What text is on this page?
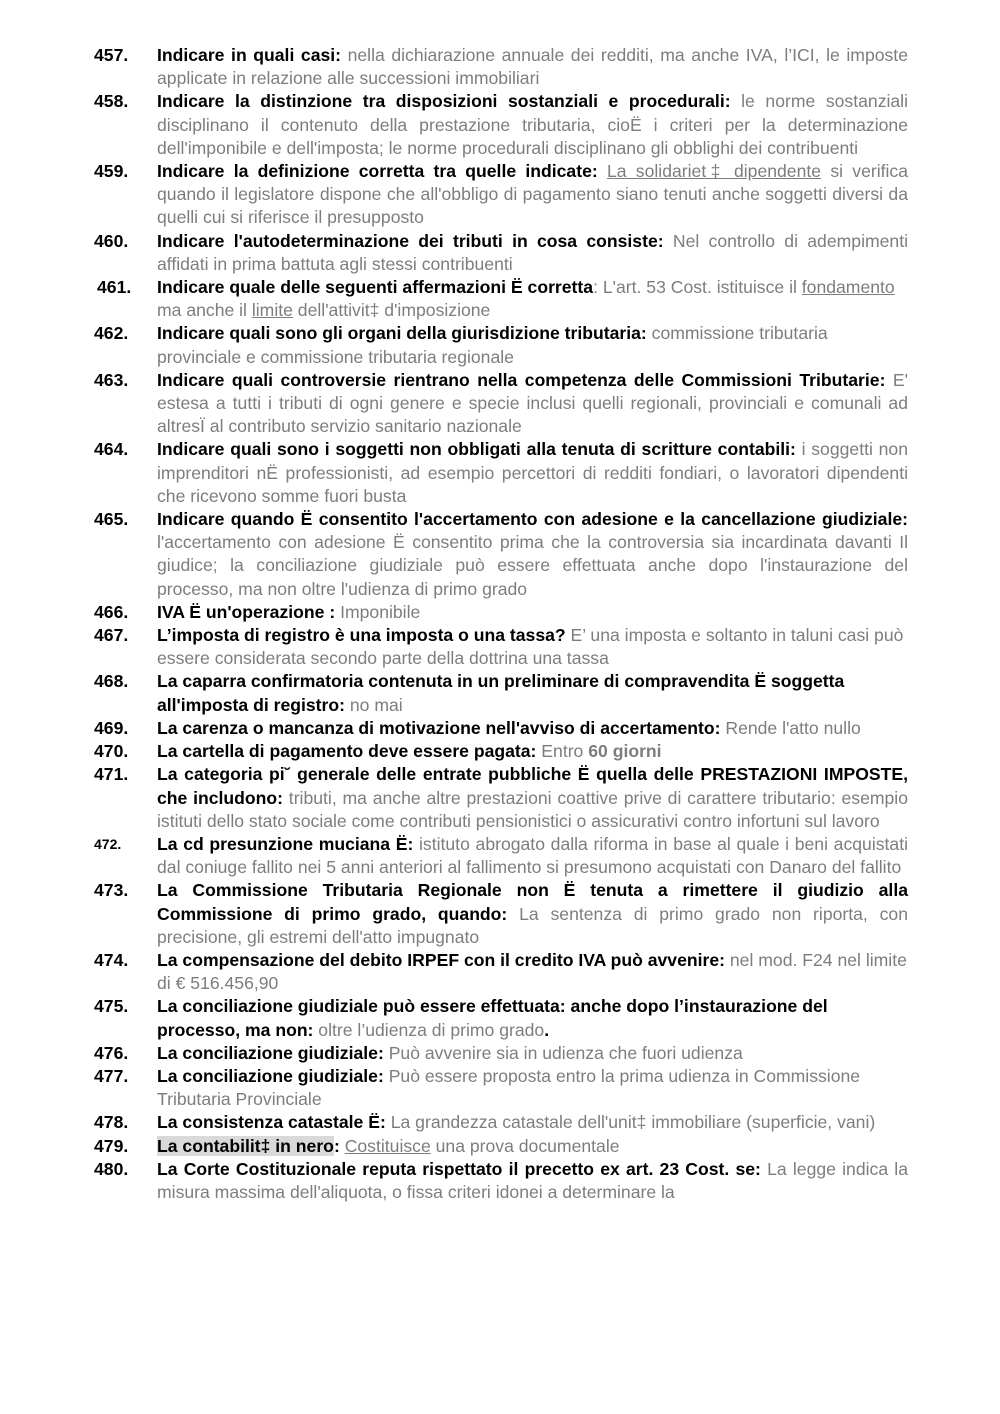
457. Indicare in quali casi: nella dichiarazione annuale dei redditi, ma anche IVA, l’ICI, le imposte applicate in relazione alle successioni immobiliari
458. Indicare la distinzione tra disposizioni sostanziali e procedurali: le norme sostanziali disciplinano il contenuto della prestazione tributaria, cioË i criteri per la determinazione dell'imponibile e dell'imposta; le norme procedurali disciplinano gli obblighi dei contribuenti
459. Indicare la definizione corretta tra quelle indicate: La solidariet‡ dipendente si verifica quando il legislatore dispone che all'obbligo di pagamento siano tenuti anche soggetti diversi da quelli cui si riferisce il presupposto
460. Indicare l'autodeterminazione dei tributi in cosa consiste: Nel controllo di adempimenti affidati in prima battuta agli stessi contribuenti
461. Indicare quale delle seguenti affermazioni Ë corretta: L'art. 53 Cost. istituisce il fondamento ma anche il limite dell'attivit‡ d'imposizione
462. Indicare quali sono gli organi della giurisdizione tributaria: commissione tributaria provinciale e commissione tributaria regionale
463. Indicare quali controversie rientrano nella competenza delle Commissioni Tributarie: E' estesa a tutti i tributi di ogni genere e specie inclusi quelli regionali, provinciali e comunali ad altresÏ al contributo servizio sanitario nazionale
464. Indicare quali sono i soggetti non obbligati alla tenuta di scritture contabili: i soggetti non imprenditori nË professionisti, ad esempio percettori di redditi fondiari, o lavoratori dipendenti che ricevono somme fuori busta
465. Indicare quando Ë consentito l'accertamento con adesione e la cancellazione giudiziale: l'accertamento con adesione Ë consentito prima che la controversia sia incardinata davanti Il giudice; la conciliazione giudiziale può essere effettuata anche dopo l'instaurazione del processo, ma non oltre l'udienza di primo grado
466. IVA Ë un'operazione : Imponibile
467. L’imposta di registro è una imposta o una tassa? E’ una imposta e soltanto in taluni casi può essere considerata secondo parte della dottrina una tassa
468. La caparra confirmatoria contenuta in un preliminare di compravendita Ë soggetta all'imposta di registro: no mai
469. La carenza o mancanza di motivazione nell'avviso di accertamento: Rende l'atto nullo
470. La cartella di pagamento deve essere pagata: Entro 60 giorni
471. La categoria pi˘ generale delle entrate pubbliche Ë quella delle PRESTAZIONI IMPOSTE, che includono: tributi, ma anche altre prestazioni coattive prive di carattere tributario: esempio istituti dello stato sociale come contributi pensionistici o assicurativi contro infortuni sul lavoro
472. La cd presunzione muciana Ë: istituto abrogato dalla riforma in base al quale i beni acquistati dal coniuge fallito nei 5 anni anteriori al fallimento si presumono acquistati con Danaro del fallito
473. La Commissione Tributaria Regionale non Ë tenuta a rimettere il giudizio alla Commissione di primo grado, quando: La sentenza di primo grado non riporta, con precisione, gli estremi dell'atto impugnato
474. La compensazione del debito IRPEF con il credito IVA può avvenire: nel mod. F24 nel limite di € 516.456,90
475. La conciliazione giudiziale può essere effettuata: anche dopo l’instaurazione del processo, ma non: oltre l’udienza di primo grado.
476. La conciliazione giudiziale: Può avvenire sia in udienza che fuori udienza
477. La conciliazione giudiziale: Può essere proposta entro la prima udienza in Commissione Tributaria Provinciale
478. La consistenza catastale Ë: La grandezza catastale dell'unit‡ immobiliare (superficie, vani)
479. La contabilit‡ in nero: Costituisce una prova documentale
480. La Corte Costituzionale reputa rispettato il precetto ex art. 23 Cost. se: La legge indica la misura massima dell'aliquota, o fissa criteri idonei a determinare la
